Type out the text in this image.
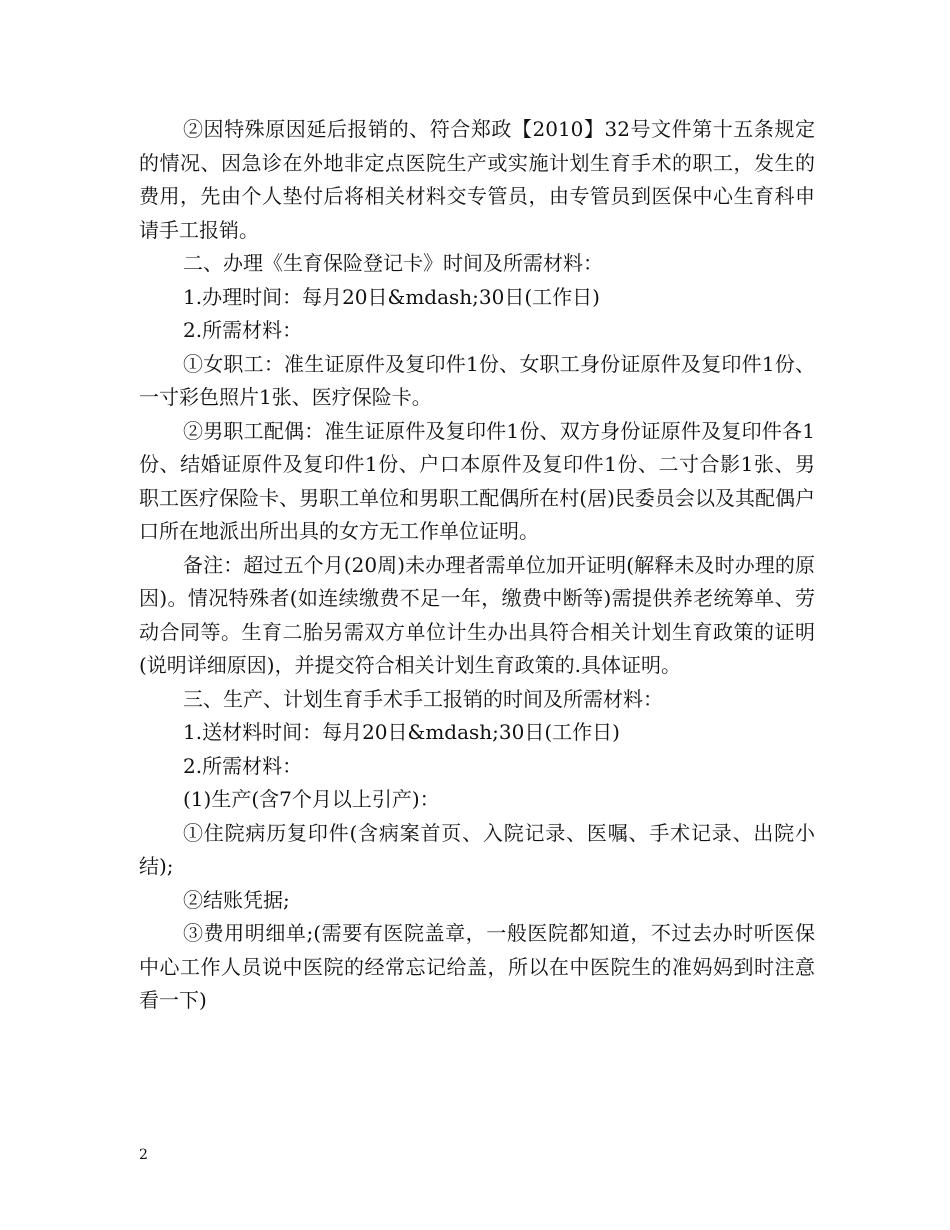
②因特殊原因延后报销的、符合郑政【2010】32号文件第十五条规定的情况、因急诊在外地非定点医院生产或实施计划生育手术的职工，发生的费用，先由个人垫付后将相关材料交专管员，由专管员到医保中心生育科申请手工报销。

二、办理《生育保险登记卡》时间及所需材料：

1.办理时间：每月20日&mdash;30日(工作日)

2.所需材料：

①女职工：准生证原件及复印件1份、女职工身份证原件及复印件1份、一寸彩色照片1张、医疗保险卡。

②男职工配偶：准生证原件及复印件1份、双方身份证原件及复印件各1份、结婚证原件及复印件1份、户口本原件及复印件1份、二寸合影1张、男职工医疗保险卡、男职工单位和男职工配偶所在村(居)民委员会以及其配偶户口所在地派出所出具的女方无工作单位证明。

备注：超过五个月(20周)未办理者需单位加开证明(解释未及时办理的原因)。情况特殊者(如连续缴费不足一年，缴费中断等)需提供养老统筹单、劳动合同等。生育二胎另需双方单位计生办出具符合相关计划生育政策的证明(说明详细原因)，并提交符合相关计划生育政策的.具体证明。

三、生产、计划生育手术手工报销的时间及所需材料：

1.送材料时间：每月20日&mdash;30日(工作日)

2.所需材料：

(1)生产(含7个月以上引产)：

①住院病历复印件(含病案首页、入院记录、医嘱、手术记录、出院小结);

②结账凭据;

③费用明细单;(需要有医院盖章，一般医院都知道，不过去办时听医保中心工作人员说中医院的经常忘记给盖，所以在中医院生的准妈妈到时注意看一下)

2
